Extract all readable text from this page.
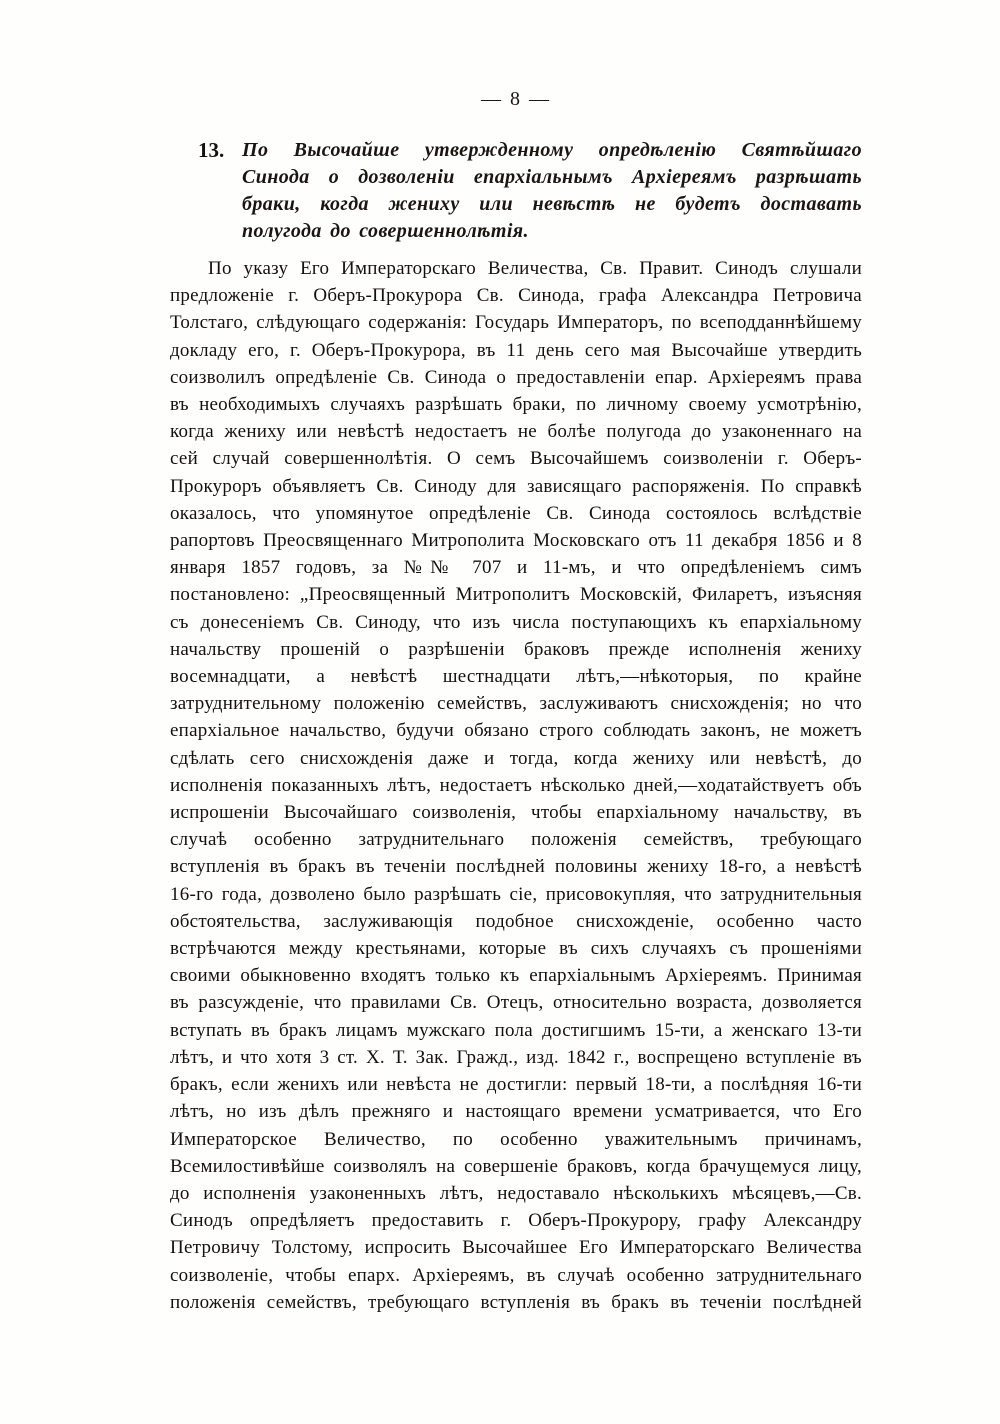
— 8 —
13. По Высочайше утвержденному опредѣленію Святѣйшаго Синода о дозволеніи епархіальнымъ Архіереямъ разрѣшать браки, когда жениху или невѣстѣ не будетъ доставать полугода до совершеннолѣтія.

По указу Его Императорскаго Величества, Св. Правит. Синодъ слушали предложеніе г. Оберъ-Прокурора Св. Синода, графа Александра Петровича Толстаго, слѣдующаго содержанія: Государь Императоръ, по всеподданнѣйшему докладу его, г. Оберъ-Прокурора, въ 11 день сего мая Высочайше утвердить соизволилъ опредѣленіе Св. Синода о предоставленіи епар. Архіереямъ права въ необходимыхъ случаяхъ разрѣшать браки, по личному своему усмотрѣнію, когда жениху или невѣстѣ недостаетъ не болѣе полугода до узаконеннаго на сей случай совершеннолѣтія. О семъ Высочайшемъ соизволеніи г. Оберъ-Прокуроръ объявляетъ Св. Синоду для зависящаго распоряженія. По справкѣ оказалось, что упомянутое опредѣленіе Св. Синода состоялось вслѣдствіе рапортовъ Преосвященнаго Митрополита Московскаго отъ 11 декабря 1856 и 8 января 1857 годовъ, за №№ 707 и 11-мъ, и что опредѣленіемъ симъ постановлено: „Преосвященный Митрополитъ Московскій, Филаретъ, изъясняя съ донесеніемъ Св. Синоду, что изъ числа поступающихъ къ епархіальному начальству прошеній о разрѣшеніи браковъ прежде исполненія жениху восемнадцати, а невѣстѣ шестнадцати лѣтъ,—нѣкоторыя, по крайне затруднительному положенію семействъ, заслуживаютъ снисхожденія; но что епархіальное начальство, будучи обязано строго соблюдать законъ, не можетъ сдѣлать сего снисхожденія даже и тогда, когда жениху или невѣстѣ, до исполненія показанныхъ лѣтъ, недостаетъ нѣсколько дней,—ходатайствуетъ объ испрошеніи Высочайшаго соизволенія, чтобы епархіальному начальству, въ случаѣ особенно затруднительнаго положенія семействъ, требующаго вступленія въ бракъ въ теченіи послѣдней половины жениху 18-го, а невѣстѣ 16-го года, дозволено было разрѣшать сіе, присовокупляя, что затруднительныя обстоятельства, заслуживающія подобное снисхожденіе, особенно часто встрѣчаются между крестьянами, которые въ сихъ случаяхъ съ прошеніями своими обыкновенно входятъ только къ епархіальнымъ Архіереямъ. Принимая въ разсужденіе, что правилами Св. Отецъ, относительно возраста, дозволяется вступать въ бракъ лицамъ мужскаго пола достигшимъ 15-ти, а женскаго 13-ти лѣтъ, и что хотя 3 ст. X. Т. Зак. Гражд., изд. 1842 г., воспрещено вступленіе въ бракъ, если женихъ или невѣста не достигли: первый 18-ти, а послѣдняя 16-ти лѣтъ, но изъ дѣлъ прежняго и настоящаго времени усматривается, что Его Императорское Величество, по особенно уважительнымъ причинамъ, Всемилостивѣйше соизволялъ на совершеніе браковъ, когда брачущемуся лицу, до исполненія узаконенныхъ лѣтъ, недоставало нѣсколькихъ мѣсяцевъ,—Св. Синодъ опредѣляетъ предоставить г. Оберъ-Прокурору, графу Александру Петровичу Толстому, испросить Высочайшее Его Императорскаго Величества соизволеніе, чтобы епарх. Архіереямъ, въ случаѣ особенно затруднительнаго положенія семействъ, требующаго вступленія въ бракъ въ теченіи послѣдней
